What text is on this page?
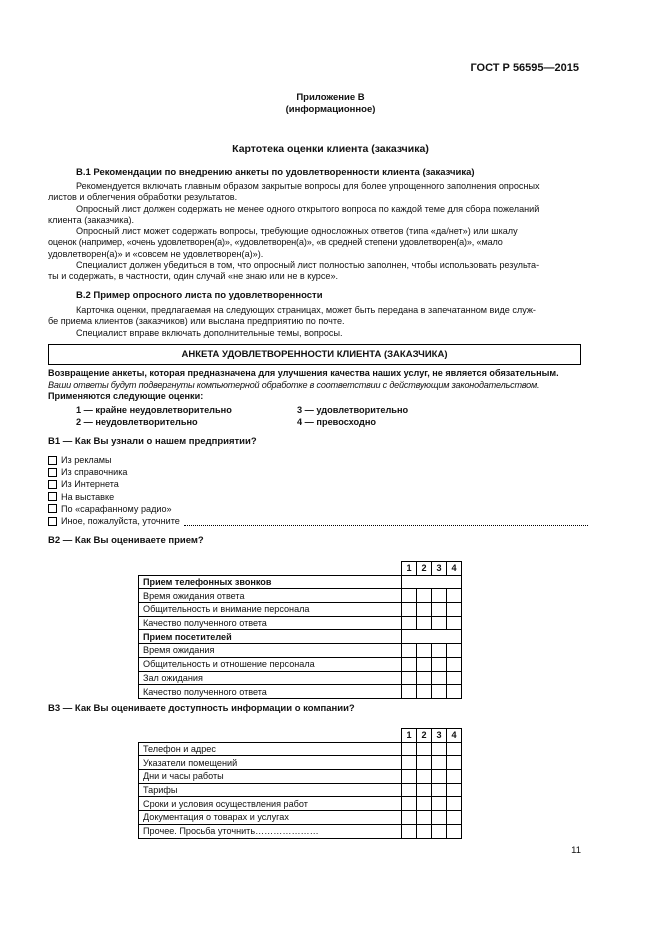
ГОСТ Р 56595—2015
Приложение В
(информационное)
Картотека оценки клиента (заказчика)
В.1 Рекомендации по внедрению анкеты по удовлетворенности клиента (заказчика)
Рекомендуется включать главным образом закрытые вопросы для более упрощенного заполнения опросных
листов и облегчения обработки результатов.
Опросный лист должен содержать не менее одного открытого вопроса по каждой теме для сбора пожеланий
клиента (заказчика).
Опросный лист может содержать вопросы, требующие односложных ответов (типа «да/нет») или шкалу
оценок (например, «очень удовлетворен(а)», «удовлетворен(а)», «в средней степени удовлетворен(а)», «мало
удовлетворен(а)» и «совсем не удовлетворен(а)»).
Специалист должен убедиться в том, что опросный лист полностью заполнен, чтобы использовать результа-
ты и содержать, в частности, один случай «не знаю или не в курсе».
В.2 Пример опросного листа по удовлетворенности
Карточка оценки, предлагаемая на следующих страницах, может быть передана в запечатанном виде служ-
бе приема клиентов (заказчиков) или выслана предприятию по почте.
Специалист вправе включать дополнительные темы, вопросы.
АНКЕТА УДОВЛЕТВОРЕННОСТИ КЛИЕНТА (ЗАКАЗЧИКА)
Возвращение анкеты, которая предназначена для улучшения качества наших услуг, не является обязательным.
Ваши ответы будут подвергнуты компьютерной обработке в соответствии с действующим законодательством.
Применяются следующие оценки:
1 — крайне неудовлетворительно
2 — неудовлетворительно
3 — удовлетворительно
4 — превосходно
В1 — Как Вы узнали о нашем предприятии?
Из рекламы
Из справочника
Из Интернета
На выставке
По «сарафанному радио»
Иное, пожалуйста, уточните
В2 — Как Вы оцениваете прием?
	1	2	3	4
Прием телефонных звонков				
Время ожидания ответа				
Общительность и внимание персонала				
Качество полученного ответа				
Прием посетителей				
Время ожидания				
Общительность и отношение персонала				
Зал ожидания				
Качество полученного ответа				
В3 — Как Вы оцениваете доступность информации о компании?
	1	2	3	4
Телефон и адрес				
Указатели помещений				
Дни и часы работы				
Тарифы				
Сроки и условия осуществления работ				
Документация о товарах и услугах				
Прочее. Просьба уточнить…………………				
11
